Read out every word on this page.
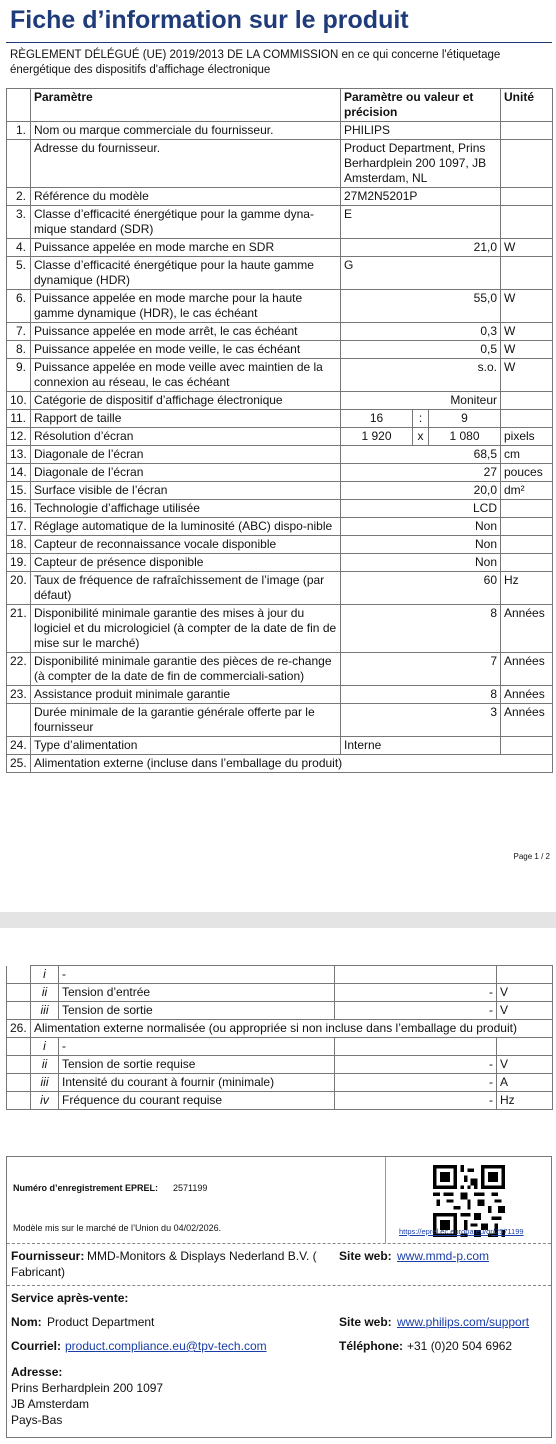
Fiche d’information sur le produit
RÈGLEMENT DÉLÉGUÉ (UE) 2019/2013 DE LA COMMISSION en ce qui concerne l'étiquetage énergétique des dispositifs d'affichage électronique
	Paramètre	Paramètre ou valeur et précision			Unité
1.	Nom ou marque commerciale du fournisseur.	PHILIPS			
	Adresse du fournisseur.	Product Department, Prins Berhardplein 200 1097, JB Amsterdam, NL			
2.	Référence du modèle	27M2N5201P			
3.	Classe d’efficacité énergétique pour la gamme dyna-mique standard (SDR)	E			
4.	Puissance appelée en mode marche en SDR	21,0			W
5.	Classe d’efficacité énergétique pour la haute gamme dynamique (HDR)	G			
6.	Puissance appelée en mode marche pour la haute gamme dynamique (HDR), le cas échéant	55,0			W
7.	Puissance appelée en mode arrêt, le cas échéant	0,3			W
8.	Puissance appelée en mode veille, le cas échéant	0,5			W
9.	Puissance appelée en mode veille avec maintien de la connexion au réseau, le cas échéant	s.o.			W
10.	Catégorie de dispositif d’affichage électronique	Moniteur			
11.	Rapport de taille	16	:	9	
12.	Résolution d’écran	1 920	x	1 080	pixels
13.	Diagonale de l’écran	68,5			cm
14.	Diagonale de l’écran	27			pouces
15.	Surface visible de l’écran	20,0			dm²
16.	Technologie d’affichage utilisée	LCD			
17.	Réglage automatique de la luminosité (ABC) dispo-nible	Non			
18.	Capteur de reconnaissance vocale disponible	Non			
19.	Capteur de présence disponible	Non			
20.	Taux de fréquence de rafraîchissement de l’image (par défaut)	60			Hz
21.	Disponibilité minimale garantie des mises à jour du logiciel et du micrologiciel (à compter de la date de fin de mise sur le marché)	8			Années
22.	Disponibilité minimale garantie des pièces de re-change (à compter de la date de fin de commerciali-sation)	7			Années
23.	Assistance produit minimale garantie	8			Années
	Durée minimale de la garantie générale offerte par le fournisseur	3			Années
24.	Type d’alimentation	Interne			
25.	Alimentation externe (incluse dans l’emballage du produit)				
Page 1 / 2
	i	-		
	ii	Tension d’entrée	-	V
	iii	Tension de sortie	-	V
26.	Alimentation externe normalisée (ou appropriée si non incluse dans l’emballage du produit)			
	i	-		
	ii	Tension de sortie requise	-	V
	iii	Intensité du courant à fournir (minimale)	-	A
	iv	Fréquence du courant requise	-	Hz
Numéro d’enregistrement EPREL: 2571199
Modèle mis sur le marché de l’Union du 04/02/2026.	https://eprel.ec.europa.eu/qr/2571199
Fournisseur: MMD-Monitors & Displays Nederland B.V. (
Fabricant)
Site web: www.mmd-p.com
Service après-vente:
Nom: Product Department	Site web: www.philips.com/support
Courriel: product.compliance.eu@tpv-tech.com	Téléphone: +31 (0)20 504 6962
Adresse:
Prins Berhardplein 200 1097
JB Amsterdam
Pays-Bas
